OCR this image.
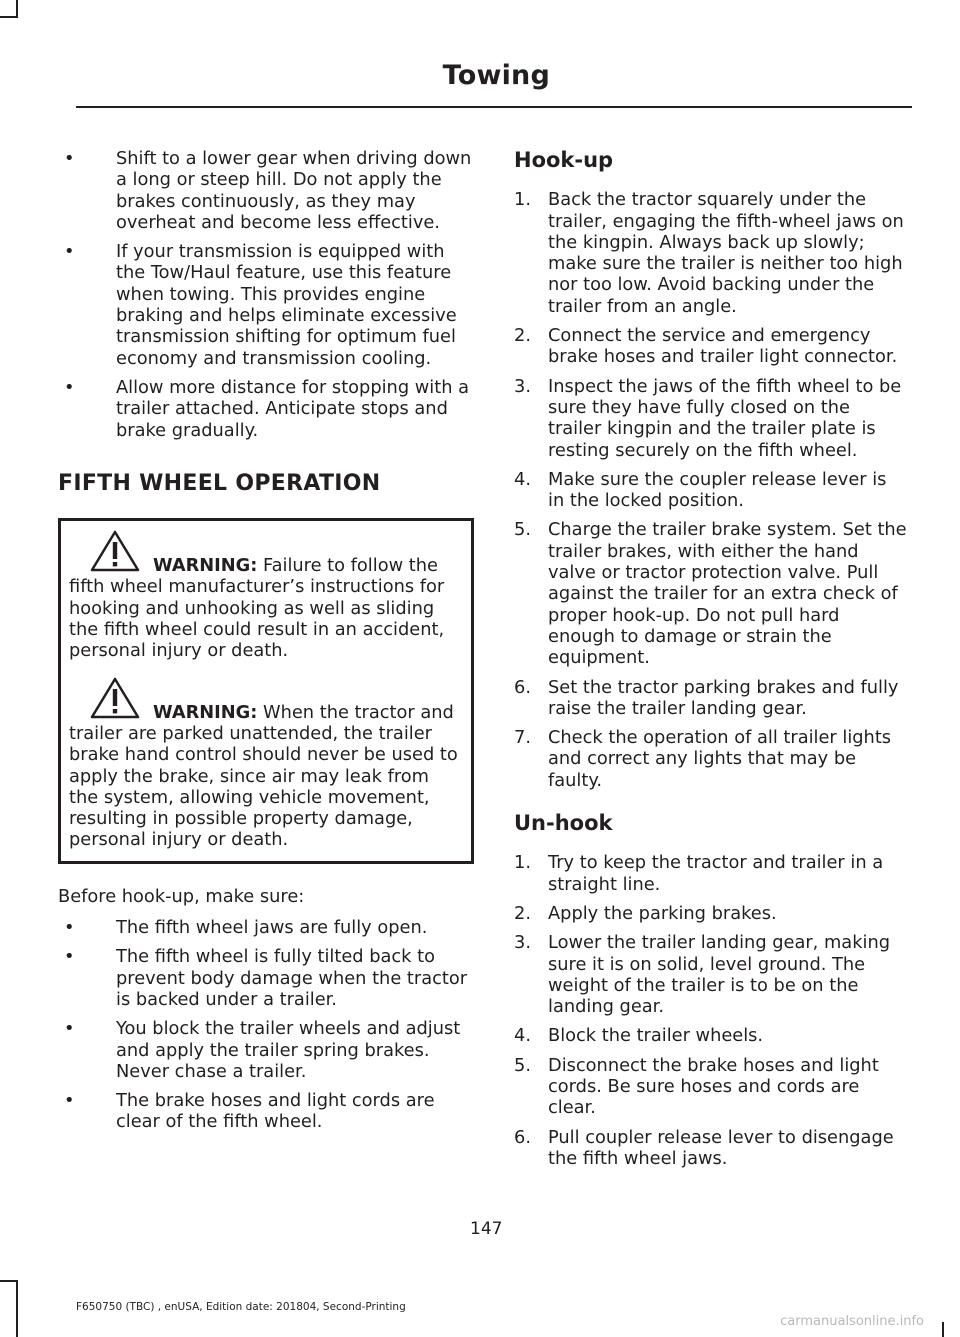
Towing
• Shift to a lower gear when driving down a long or steep hill. Do not apply the brakes continuously, as they may overheat and become less effective.
• If your transmission is equipped with the Tow/Haul feature, use this feature when towing. This provides engine braking and helps eliminate excessive transmission shifting for optimum fuel economy and transmission cooling.
• Allow more distance for stopping with a trailer attached. Anticipate stops and brake gradually.
FIFTH WHEEL OPERATION

WARNING: Failure to follow the fifth wheel manufacturer’s instructions for hooking and unhooking as well as sliding the fifth wheel could result in an accident, personal injury or death.

WARNING: When the tractor and trailer are parked unattended, the trailer brake hand control should never be used to apply the brake, since air may leak from the system, allowing vehicle movement, resulting in possible property damage, personal injury or death.

Before hook-up, make sure:
• The fifth wheel jaws are fully open.
• The fifth wheel is fully tilted back to prevent body damage when the tractor is backed under a trailer.
• You block the trailer wheels and adjust and apply the trailer spring brakes. Never chase a trailer.
• The brake hoses and light cords are clear of the fifth wheel.
Hook-up
1. Back the tractor squarely under the trailer, engaging the fifth-wheel jaws on the kingpin. Always back up slowly; make sure the trailer is neither too high nor too low. Avoid backing under the trailer from an angle.
2. Connect the service and emergency brake hoses and trailer light connector.
3. Inspect the jaws of the fifth wheel to be sure they have fully closed on the trailer kingpin and the trailer plate is resting securely on the fifth wheel.
4. Make sure the coupler release lever is in the locked position.
5. Charge the trailer brake system. Set the trailer brakes, with either the hand valve or tractor protection valve. Pull against the trailer for an extra check of proper hook-up. Do not pull hard enough to damage or strain the equipment.
6. Set the tractor parking brakes and fully raise the trailer landing gear.
7. Check the operation of all trailer lights and correct any lights that may be faulty.
Un-hook
1. Try to keep the tractor and trailer in a straight line.
2. Apply the parking brakes.
3. Lower the trailer landing gear, making sure it is on solid, level ground. The weight of the trailer is to be on the landing gear.
4. Block the trailer wheels.
5. Disconnect the brake hoses and light cords. Be sure hoses and cords are clear.
6. Pull coupler release lever to disengage the fifth wheel jaws.
147
F650750 (TBC) , enUSA, Edition date: 201804, Second-Printing
carmanualsonline.info
